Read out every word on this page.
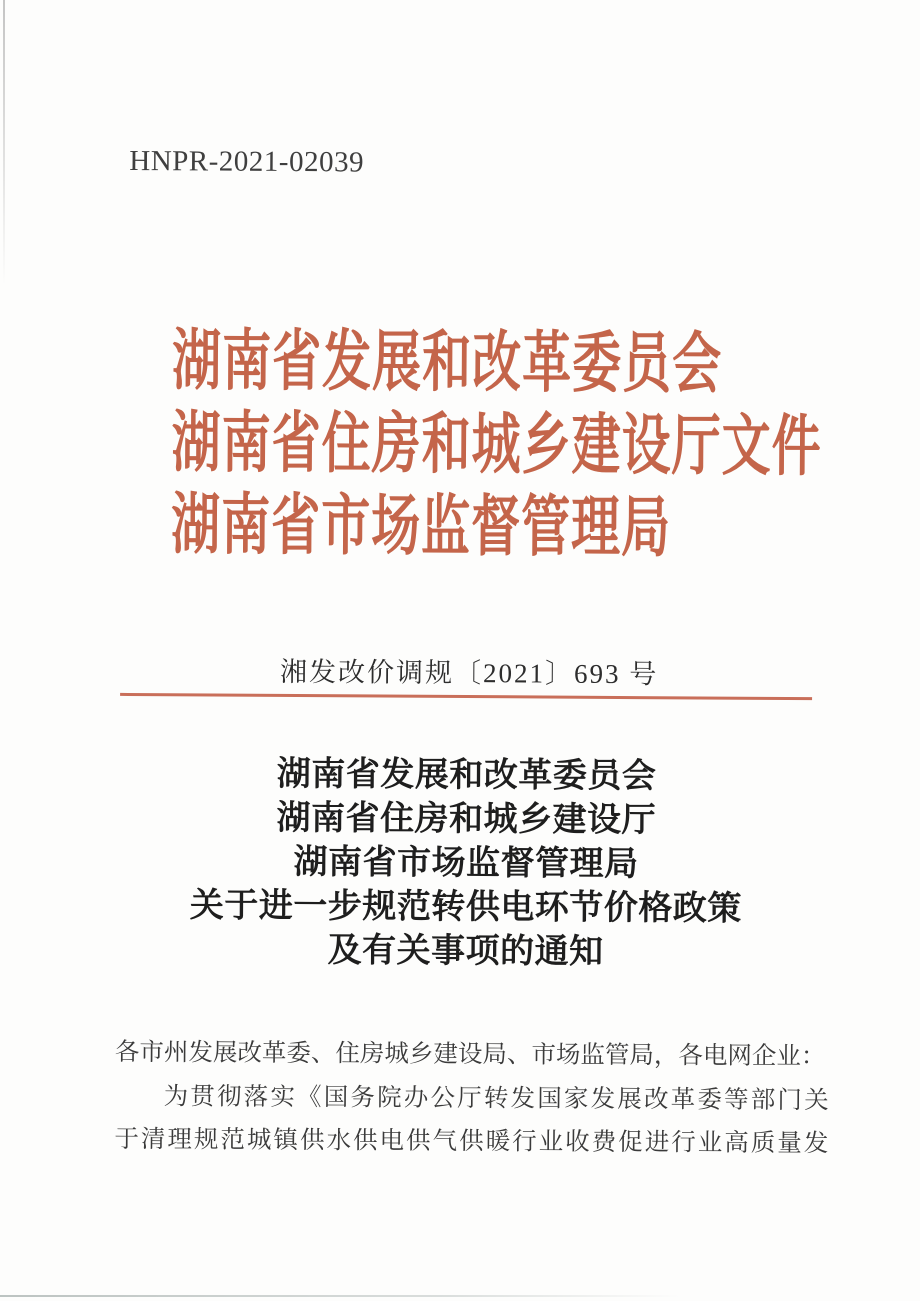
HNPR-2021-02039
湖南省发展和改革委员会
湖南省住房和城乡建设厅文件
湖南省市场监督管理局
湘发改价调规〔2021〕693 号
湖南省发展和改革委员会
湖南省住房和城乡建设厅
湖南省市场监督管理局
关于进一步规范转供电环节价格政策
及有关事项的通知
各市州发展改革委、住房城乡建设局、市场监管局，各电网企业：
为贯彻落实《国务院办公厅转发国家发展改革委等部门关
于清理规范城镇供水供电供气供暖行业收费促进行业高质量发
